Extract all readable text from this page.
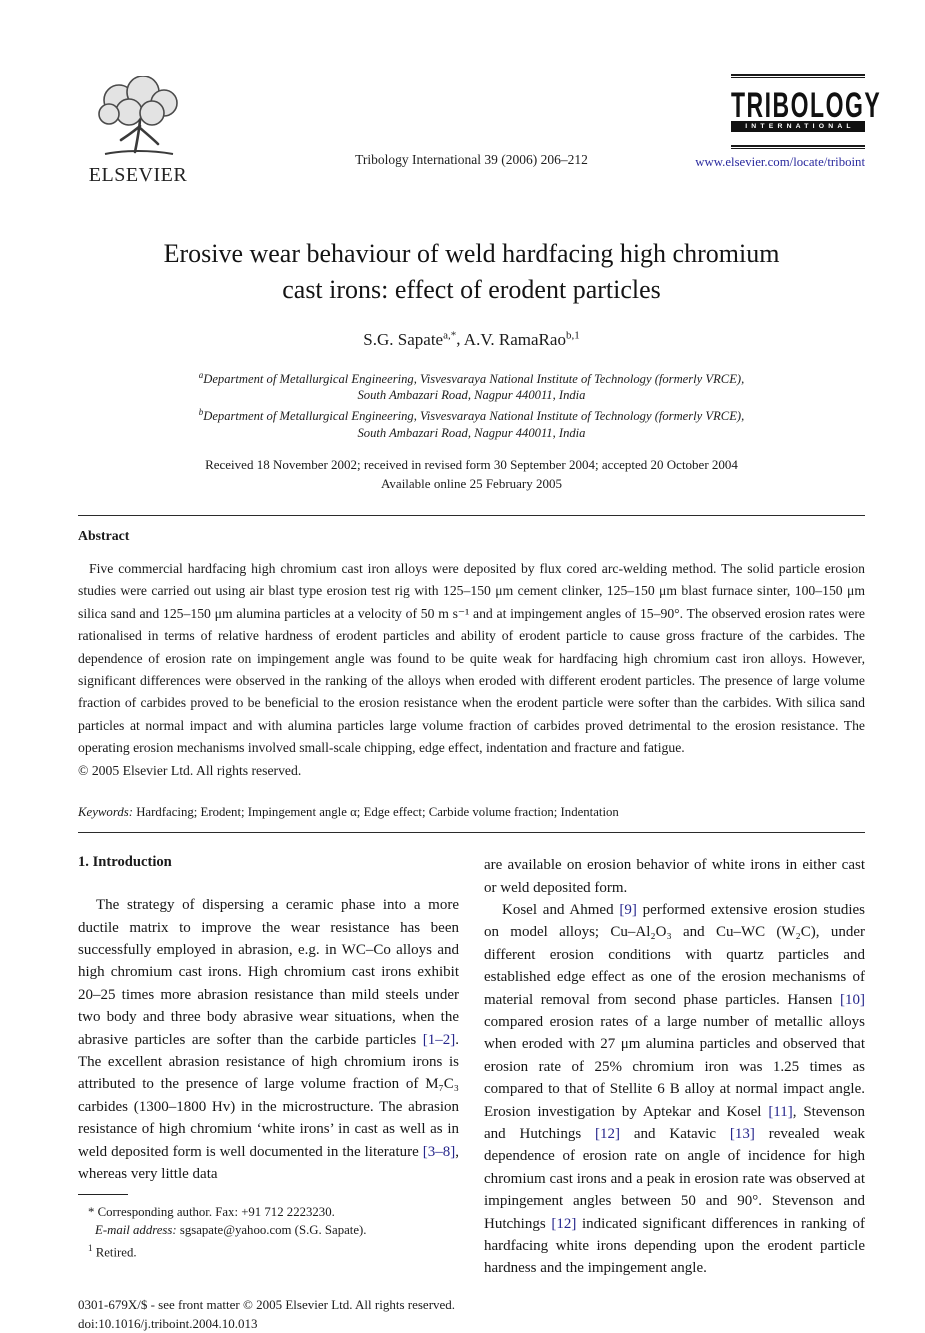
ELSEVIER
Tribology International 39 (2006) 206–212
TRIBOLOGY
INTERNATIONAL
www.elsevier.com/locate/triboint
Erosive wear behaviour of weld hardfacing high chromium
cast irons: effect of erodent particles
S.G. Sapate$^{a,*}$, A.V. RamaRao$^{b,1}$
$^a$Department of Metallurgical Engineering, Visvesvaraya National Institute of Technology (formerly VRCE),
South Ambazari Road, Nagpur 440011, India
$^b$Department of Metallurgical Engineering, Visvesvaraya National Institute of Technology (formerly VRCE),
South Ambazari Road, Nagpur 440011, India
Received 18 November 2002; received in revised form 30 September 2004; accepted 20 October 2004
Available online 25 February 2005
Abstract

Five commercial hardfacing high chromium cast iron alloys were deposited by flux cored arc-welding method. The solid particle erosion studies were carried out using air blast type erosion test rig with 125–150 μm cement clinker, 125–150 μm blast furnace sinter, 100–150 μm silica sand and 125–150 μm alumina particles at a velocity of 50 m s⁻¹ and at impingement angles of 15–90°. The observed erosion rates were rationalised in terms of relative hardness of erodent particles and ability of erodent particle to cause gross fracture of the carbides. The dependence of erosion rate on impingement angle was found to be quite weak for hardfacing high chromium cast iron alloys. However, significant differences were observed in the ranking of the alloys when eroded with different erodent particles. The presence of large volume fraction of carbides proved to be beneficial to the erosion resistance when the erodent particle were softer than the carbides. With silica sand particles at normal impact and with alumina particles large volume fraction of carbides proved detrimental to the erosion resistance. The operating erosion mechanisms involved small-scale chipping, edge effect, indentation and fracture and fatigue.

© 2005 Elsevier Ltd. All rights reserved.

Keywords: Hardfacing; Erodent; Impingement angle α; Edge effect; Carbide volume fraction; Indentation

1. Introduction

The strategy of dispersing a ceramic phase into a more ductile matrix to improve the wear resistance has been successfully employed in abrasion, e.g. in WC–Co alloys and high chromium cast irons. High chromium cast irons exhibit 20–25 times more abrasion resistance than mild steels under two body and three body abrasive wear situations, when the abrasive particles are softer than the carbide particles [1–2]. The excellent abrasion resistance of high chromium irons is attributed to the presence of large volume fraction of M₇C₃ carbides (1300–1800 Hv) in the microstructure. The abrasion resistance of high chromium ‘white irons’ in cast as well as in weld deposited form is well documented in the literature [3–8], whereas very little data

* Corresponding author. Fax: +91 712 2223230.

E-mail address: sgsapate@yahoo.com (S.G. Sapate).

$^1$ Retired.

are available on erosion behavior of white irons in either cast or weld deposited form.

Kosel and Ahmed [9] performed extensive erosion studies on model alloys; Cu–Al₂O₃ and Cu–WC (W₂C), under different erosion conditions with quartz particles and established edge effect as one of the erosion mechanisms of material removal from second phase particles. Hansen [10] compared erosion rates of a large number of metallic alloys when eroded with 27 μm alumina particles and observed that erosion rate of 25% chromium iron was 1.25 times as compared to that of Stellite 6 B alloy at normal impact angle. Erosion investigation by Aptekar and Kosel [11], Stevenson and Hutchings [12] and Katavic [13] revealed weak dependence of erosion rate on angle of incidence for high chromium cast irons and a peak in erosion rate was observed at impingement angles between 50 and 90°. Stevenson and Hutchings [12] indicated significant differences in ranking of hardfacing white irons depending upon the erodent particle hardness and the impingement angle.

0301-679X/$ - see front matter © 2005 Elsevier Ltd. All rights reserved.
doi:10.1016/j.triboint.2004.10.013
